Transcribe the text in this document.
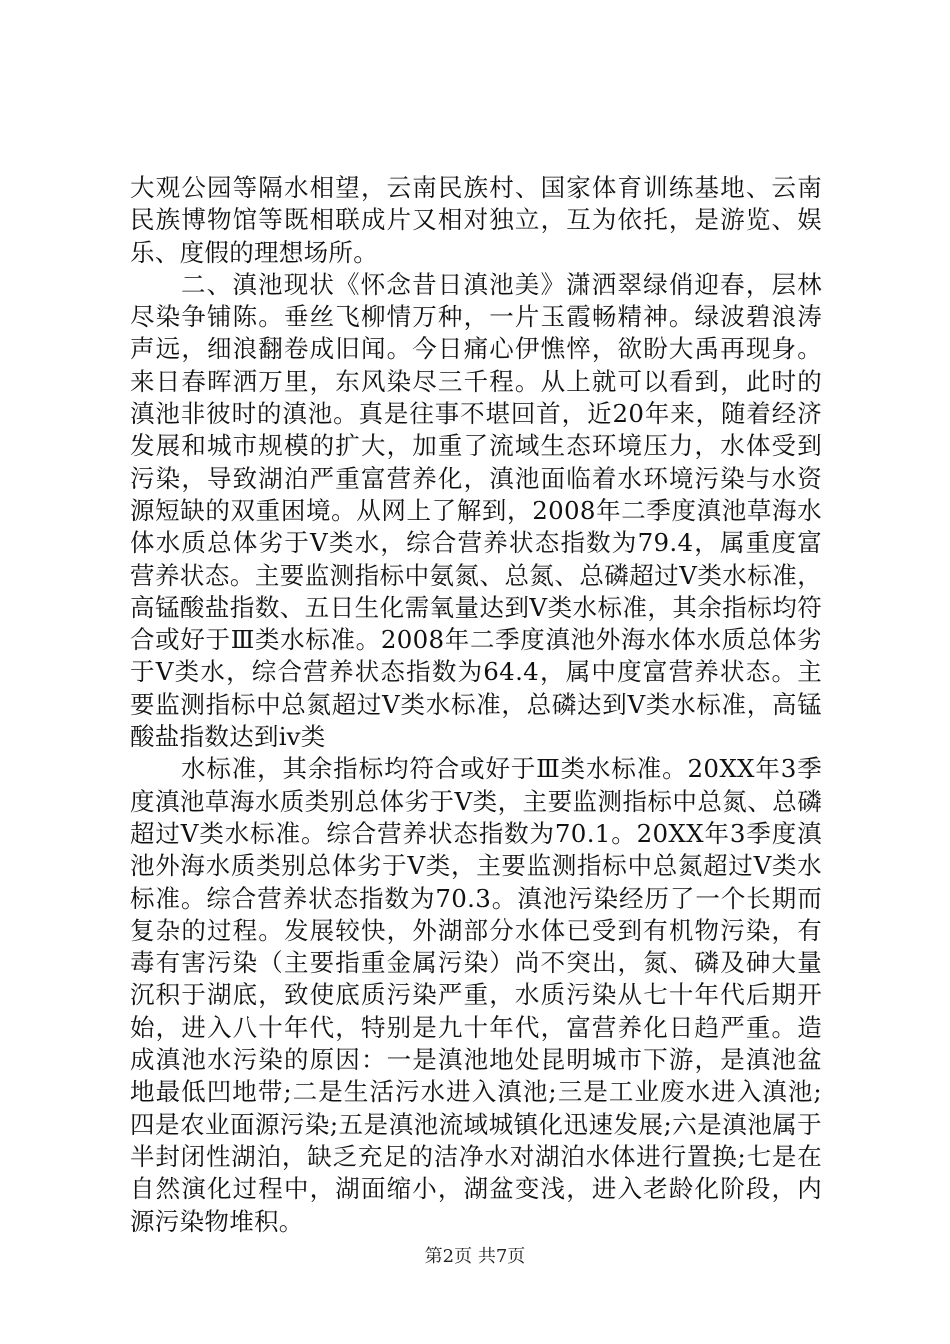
大观公园等隔水相望，云南民族村、国家体育训练基地、云南民族博物馆等既相联成片又相对独立，互为依托，是游览、娱乐、度假的理想场所。

二、滇池现状《怀念昔日滇池美》潇洒翠绿俏迎春，层林尽染争铺陈。垂丝飞柳情万种，一片玉霞畅精神。绿波碧浪涛声远，细浪翻卷成旧闻。今日痛心伊憔悴，欲盼大禹再现身。来日春晖洒万里，东风染尽三千程。从上就可以看到，此时的滇池非彼时的滇池。真是往事不堪回首，近20年来，随着经济发展和城市规模的扩大，加重了流域生态环境压力，水体受到污染，导致湖泊严重富营养化，滇池面临着水环境污染与水资源短缺的双重困境。从网上了解到，2008年二季度滇池草海水体水质总体劣于Ⅴ类水，综合营养状态指数为79.4，属重度富营养状态。主要监测指标中氨氮、总氮、总磷超过Ⅴ类水标准，高锰酸盐指数、五日生化需氧量达到Ⅴ类水标准，其余指标均符合或好于Ⅲ类水标准。2008年二季度滇池外海水体水质总体劣于Ⅴ类水，综合营养状态指数为64.4，属中度富营养状态。主要监测指标中总氮超过Ⅴ类水标准，总磷达到Ⅴ类水标准，高锰酸盐指数达到ⅳ类

水标准，其余指标均符合或好于Ⅲ类水标准。20XX年3季度滇池草海水质类别总体劣于Ⅴ类，主要监测指标中总氮、总磷超过Ⅴ类水标准。综合营养状态指数为70.1。20XX年3季度滇池外海水质类别总体劣于Ⅴ类，主要监测指标中总氮超过Ⅴ类水标准。综合营养状态指数为70.3。滇池污染经历了一个长期而复杂的过程。发展较快，外湖部分水体已受到有机物污染，有毒有害污染（主要指重金属污染）尚不突出，氮、磷及砷大量沉积于湖底，致使底质污染严重，水质污染从七十年代后期开始，进入八十年代，特别是九十年代，富营养化日趋严重。造成滇池水污染的原因：一是滇池地处昆明城市下游，是滇池盆地最低凹地带;二是生活污水进入滇池;三是工业废水进入滇池;四是农业面源污染;五是滇池流域城镇化迅速发展;六是滇池属于半封闭性湖泊，缺乏充足的洁净水对湖泊水体进行置换;七是在自然演化过程中，湖面缩小，湖盆变浅，进入老龄化阶段，内源污染物堆积。

第2页 共7页
